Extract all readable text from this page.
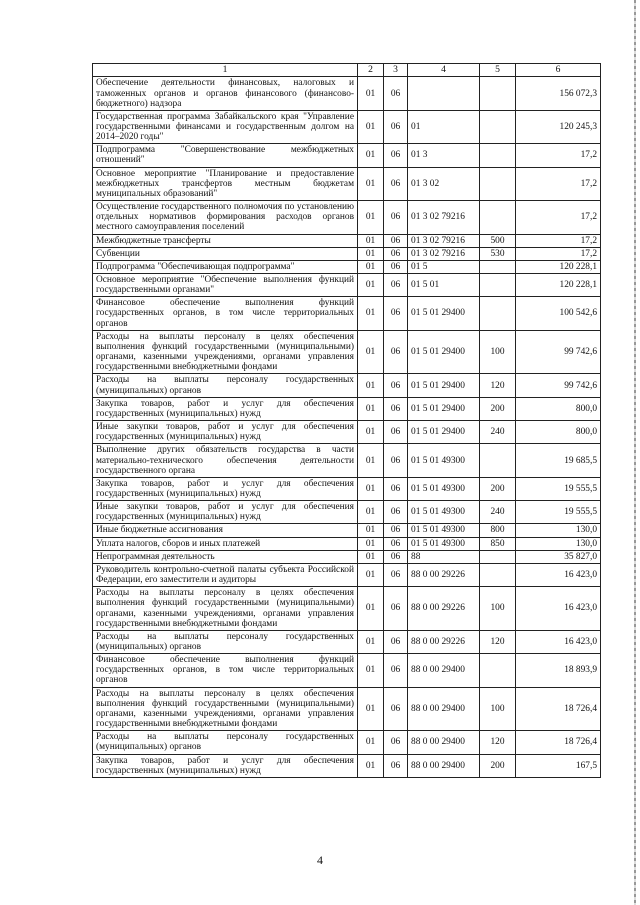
1	2	3	4	5	6
Обеспечение деятельности финансовых, налоговых и таможенных органов и органов финансового (финансово-бюджетного) надзора	01	06			156 072,3
Государственная программа Забайкальского края "Управление государственными финансами и государственным долгом на 2014–2020 годы"	01	06	01		120 245,3
Подпрограмма "Совершенствование межбюджетных отношений"	01	06	01 3		17,2
Основное мероприятие "Планирование и предоставление межбюджетных трансфертов местным бюджетам муниципальных образований"	01	06	01 3 02		17,2
Осуществление государственного полномочия по установлению отдельных нормативов формирования расходов органов местного самоуправления поселений	01	06	01 3 02 79216		17,2
Межбюджетные трансферты	01	06	01 3 02 79216	500	17,2
Субвенции	01	06	01 3 02 79216	530	17,2
Подпрограмма "Обеспечивающая подпрограмма"	01	06	01 5		120 228,1
Основное мероприятие "Обеспечение выполнения функций государственными органами"	01	06	01 5 01		120 228,1
Финансовое обеспечение выполнения функций государственных органов, в том числе территориальных органов	01	06	01 5 01 29400		100 542,6
Расходы на выплаты персоналу в целях обеспечения выполнения функций государственными (муниципальными) органами, казенными учреждениями, органами управления государственными внебюджетными фондами	01	06	01 5 01 29400	100	99 742,6
Расходы на выплаты персоналу государственных (муниципальных) органов	01	06	01 5 01 29400	120	99 742,6
Закупка товаров, работ и услуг для обеспечения государственных (муниципальных) нужд	01	06	01 5 01 29400	200	800,0
Иные закупки товаров, работ и услуг для обеспечения государственных (муниципальных) нужд	01	06	01 5 01 29400	240	800,0
Выполнение других обязательств государства в части материально-технического обеспечения деятельности государственного органа	01	06	01 5 01 49300		19 685,5
Закупка товаров, работ и услуг для обеспечения государственных (муниципальных) нужд	01	06	01 5 01 49300	200	19 555,5
Иные закупки товаров, работ и услуг для обеспечения государственных (муниципальных) нужд	01	06	01 5 01 49300	240	19 555,5
Иные бюджетные ассигнования	01	06	01 5 01 49300	800	130,0
Уплата налогов, сборов и иных платежей	01	06	01 5 01 49300	850	130,0
Непрограммная деятельность	01	06	88		35 827,0
Руководитель контрольно-счетной палаты субъекта Российской Федерации, его заместители и аудиторы	01	06	88 0 00 29226		16 423,0
Расходы на выплаты персоналу в целях обеспечения выполнения функций государственными (муниципальными) органами, казенными учреждениями, органами управления государственными внебюджетными фондами	01	06	88 0 00 29226	100	16 423,0
Расходы на выплаты персоналу государственных (муниципальных) органов	01	06	88 0 00 29226	120	16 423,0
Финансовое обеспечение выполнения функций государственных органов, в том числе территориальных органов	01	06	88 0 00 29400		18 893,9
Расходы на выплаты персоналу в целях обеспечения выполнения функций государственными (муниципальными) органами, казенными учреждениями, органами управления государственными внебюджетными фондами	01	06	88 0 00 29400	100	18 726,4
Расходы на выплаты персоналу государственных (муниципальных) органов	01	06	88 0 00 29400	120	18 726,4
Закупка товаров, работ и услуг для обеспечения государственных (муниципальных) нужд	01	06	88 0 00 29400	200	167,5
4
